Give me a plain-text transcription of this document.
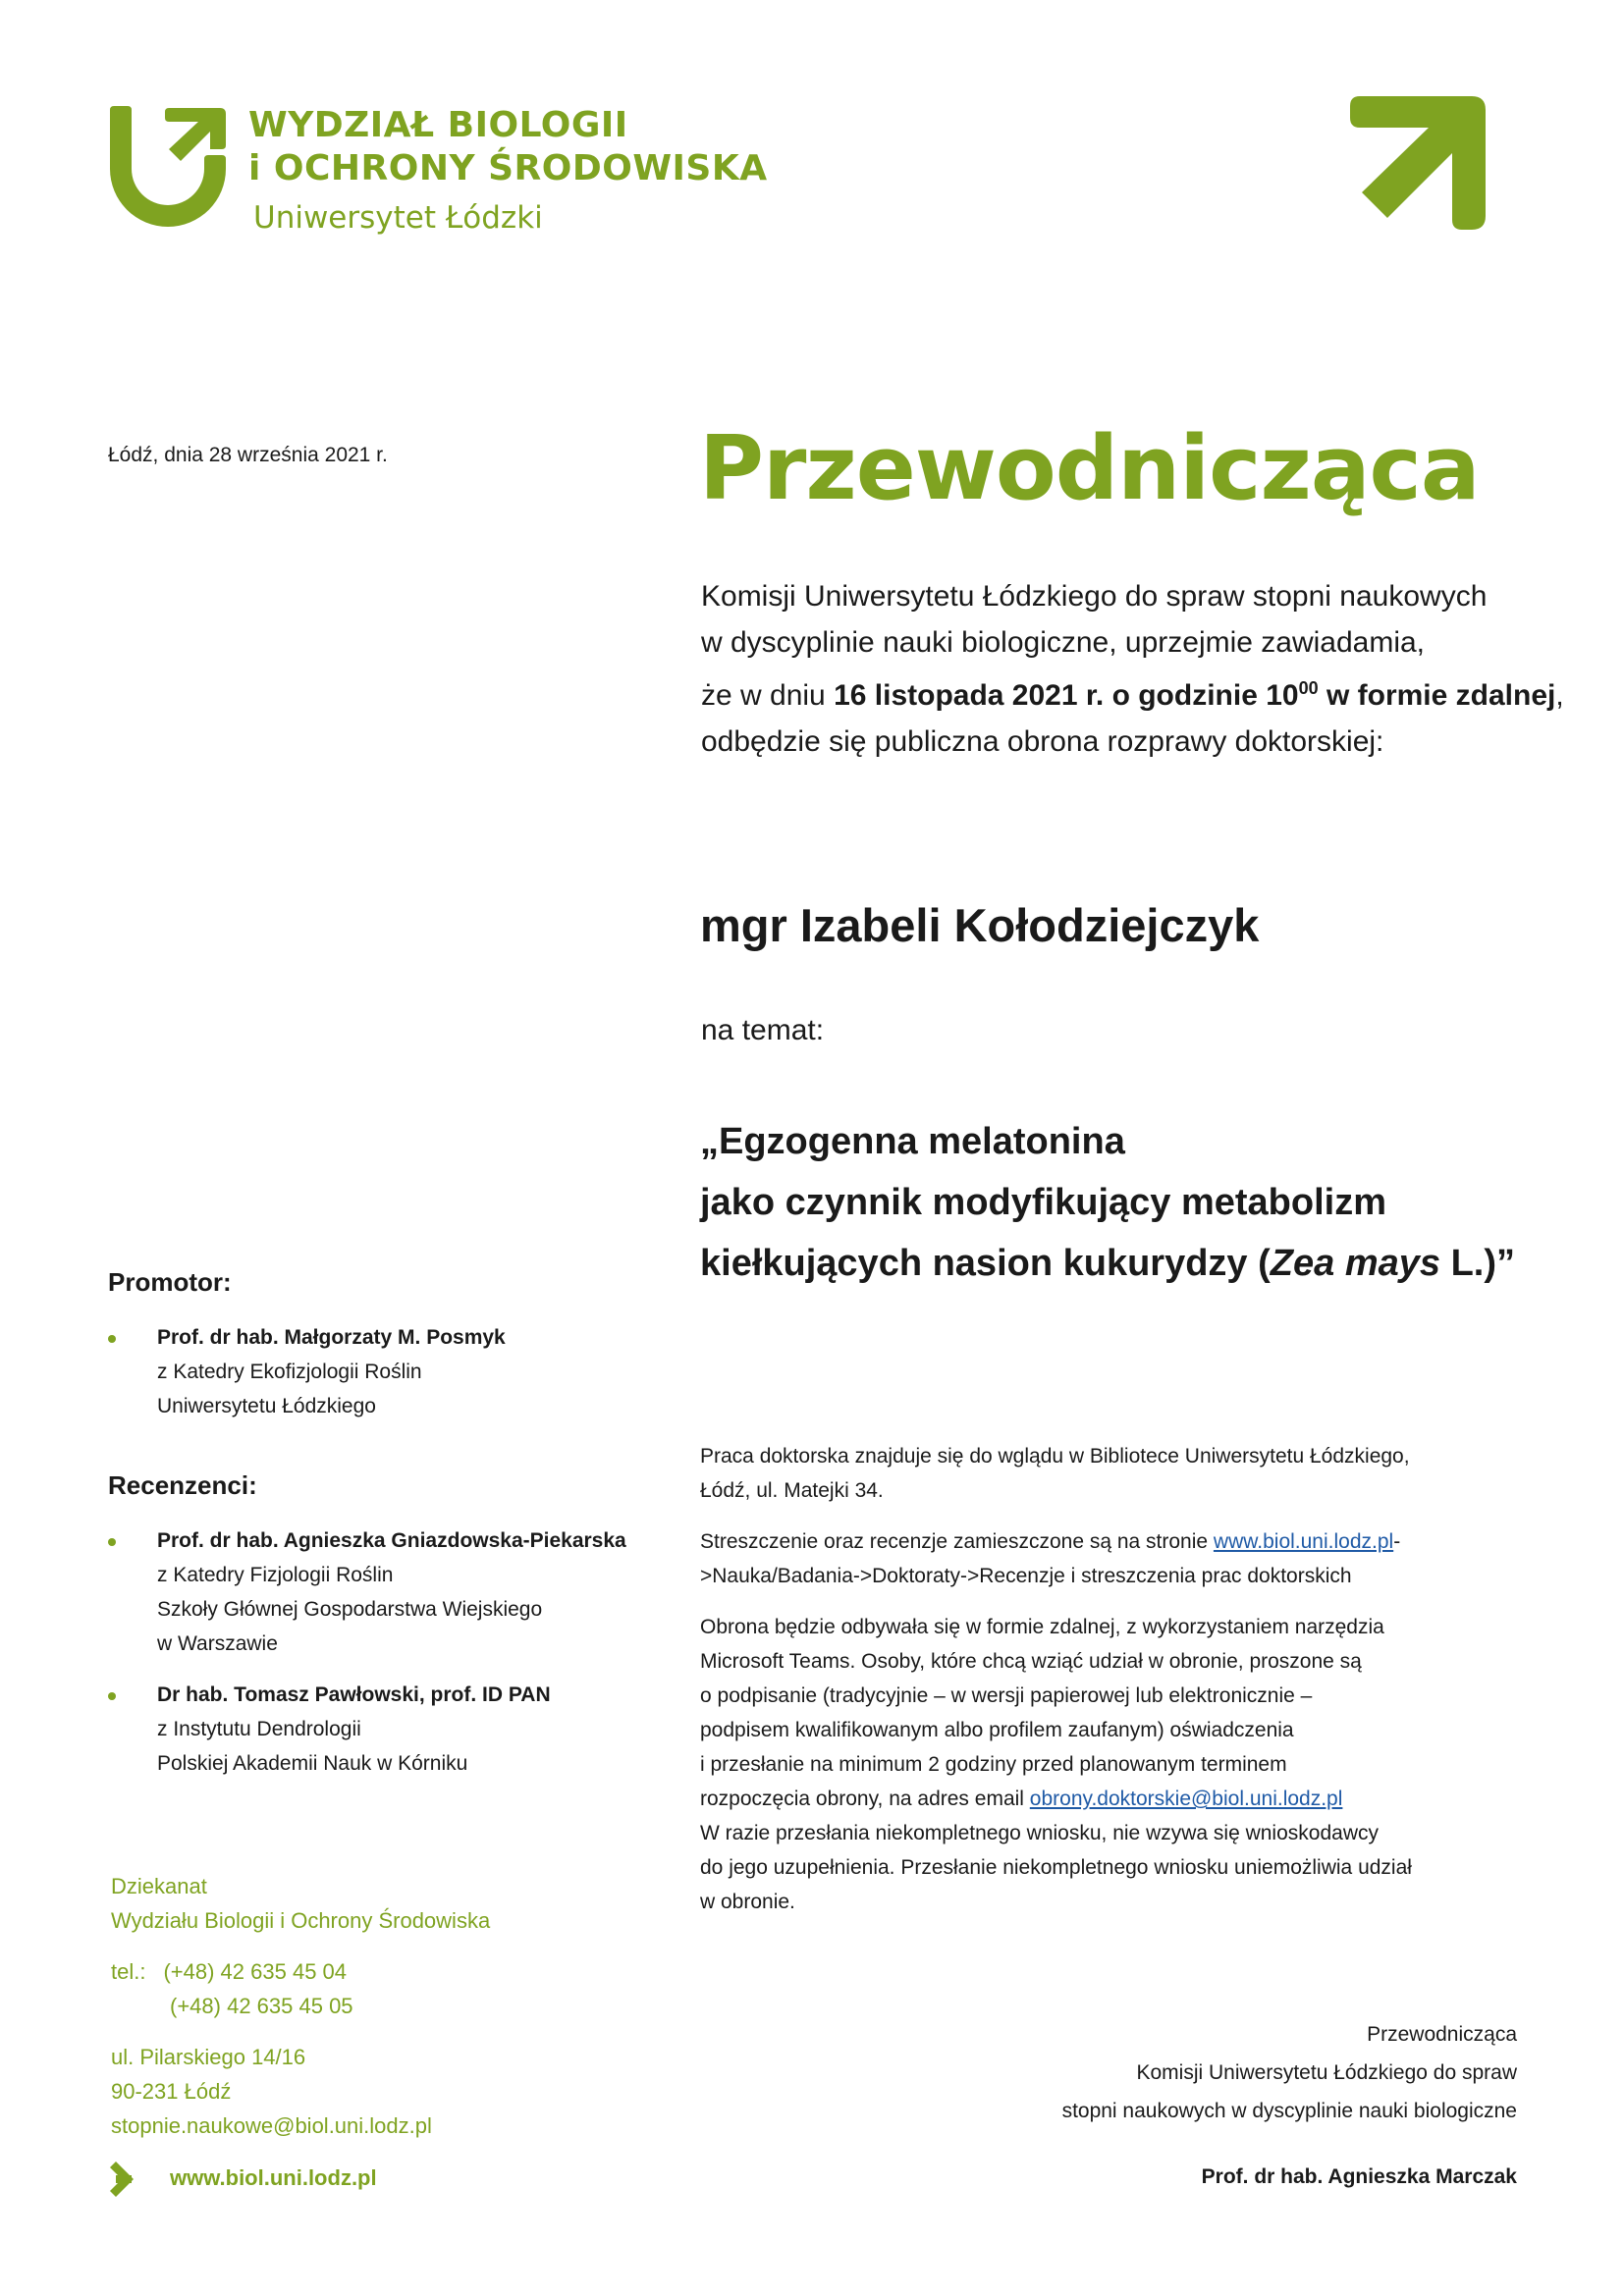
WYDZIAŁ BIOLOGII
i OCHRONY ŚRODOWISKA
Uniwersytet Łódzki
Łódź, dnia 28 września 2021 r.	Przewodnicząca
Komisji Uniwersytetu Łódzkiego do spraw stopni naukowych
w dyscyplinie nauki biologiczne, uprzejmie zawiadamia,
że w dniu 16 listopada 2021 r. o godzinie $10^{00}$ w formie zdalnej,
odbędzie się publiczna obrona rozprawy doktorskiej:
mgr Izabeli Kołodziejczyk
na temat:
„Egzogenna melatonina
jako czynnik modyfikujący metabolizm
kiełkujących nasion kukurydzy (Zea mays L.)”
Promotor:
Prof. dr hab. Małgorzaty M. Posmyk
z Katedry Ekofizjologii Roślin
Uniwersytetu Łódzkiego
Recenzenci:
Prof. dr hab. Agnieszka Gniazdowska-Piekarska
z Katedry Fizjologii Roślin
Szkoły Głównej Gospodarstwa Wiejskiego
w Warszawie
Dr hab. Tomasz Pawłowski, prof. ID PAN
z Instytutu Dendrologii
Polskiej Akademii Nauk w Kórniku
Praca doktorska znajduje się do wglądu w Bibliotece Uniwersytetu Łódzkiego,
Łódź, ul. Matejki 34.
Streszczenie oraz recenzje zamieszczone są na stronie www.biol.uni.lodz.pl-
>Nauka/Badania->Doktoraty->Recenzje i streszczenia prac doktorskich
Obrona będzie odbywała się w formie zdalnej, z wykorzystaniem narzędzia
Microsoft Teams. Osoby, które chcą wziąć udział w obronie, proszone są
o podpisanie (tradycyjnie – w wersji papierowej lub elektronicznie –
podpisem kwalifikowanym albo profilem zaufanym) oświadczenia
i przesłanie na minimum 2 godziny przed planowanym terminem
rozpoczęcia obrony, na adres email obrony.doktorskie@biol.uni.lodz.pl
W razie przesłania niekompletnego wniosku, nie wzywa się wnioskodawcy
do jego uzupełnienia. Przesłanie niekompletnego wniosku uniemożliwia udział
w obronie.
Dziekanat
Wydziału Biologii i Ochrony Środowiska
tel.: (+48) 42 635 45 04
(+48) 42 635 45 05
ul. Pilarskiego 14/16
90-231 Łódź
stopnie.naukowe@biol.uni.lodz.pl
www.biol.uni.lodz.pl
Przewodnicząca
Komisji Uniwersytetu Łódzkiego do spraw
stopni naukowych w dyscyplinie nauki biologiczne
Prof. dr hab. Agnieszka Marczak
